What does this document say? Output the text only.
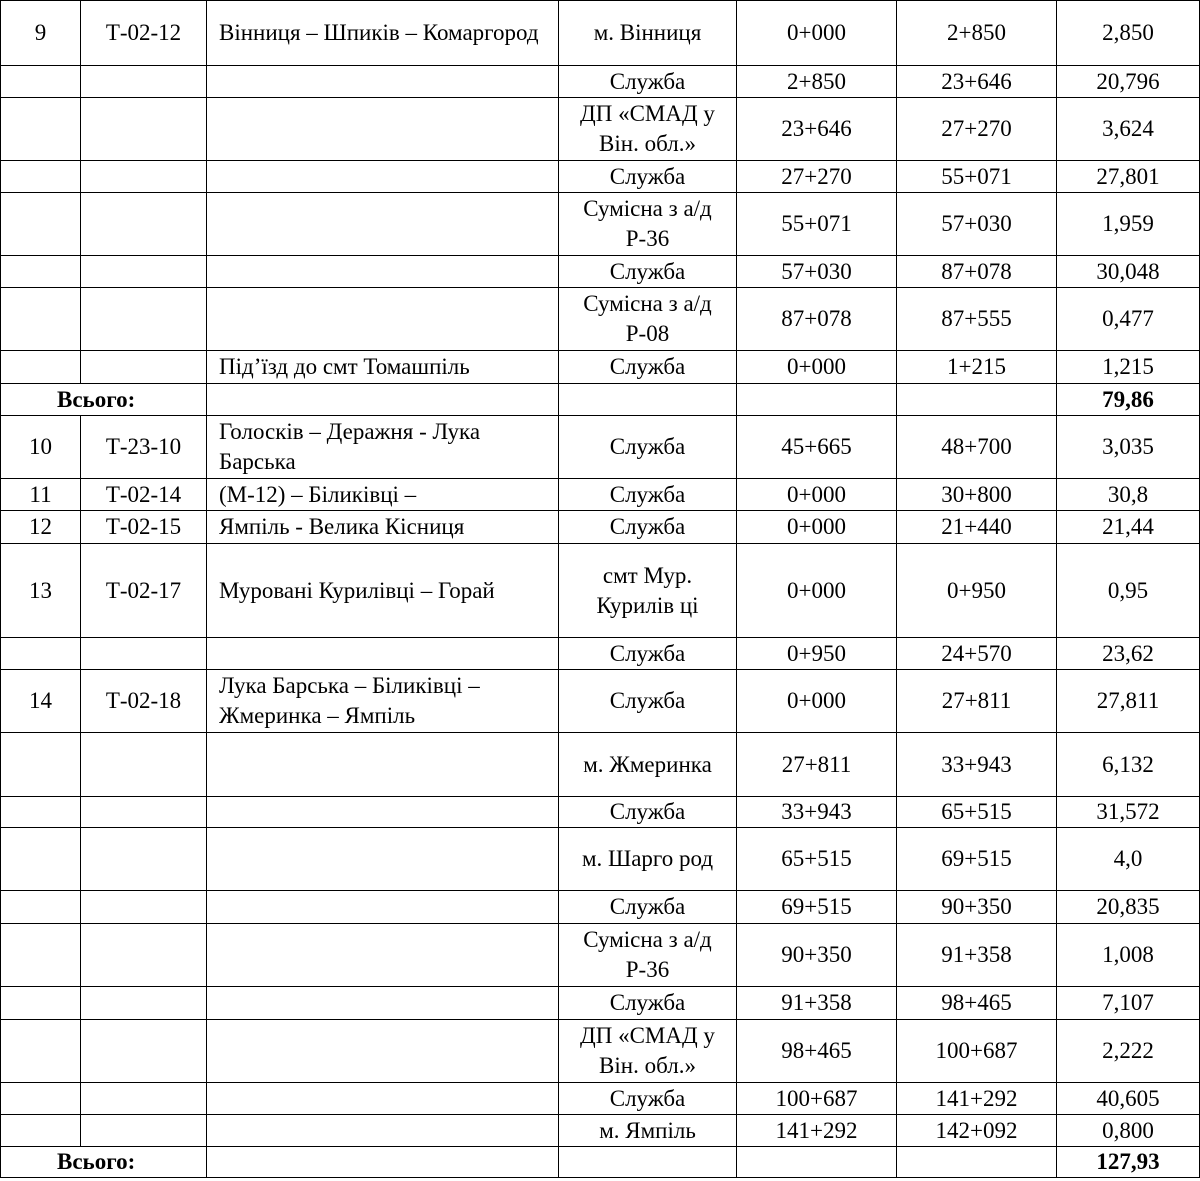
9	Т-02-12	Вінниця – Шпиків – Комаргород	м. Вінниця	0+000	2+850	2,850
			Служба	2+850	23+646	20,796
			ДП «СМАД у Він. обл.»	23+646	27+270	3,624
			Служба	27+270	55+071	27,801
			Сумісна з а/д Р-36	55+071	57+030	1,959
			Служба	57+030	87+078	30,048
			Сумісна з а/д Р-08	87+078	87+555	0,477
		Під’їзд до смт Томашпіль	Служба	0+000	1+215	1,215
Всього:						79,86
10	Т-23-10	Голосків – Деражня - Лука Барська	Служба	45+665	48+700	3,035
11	Т-02-14	(М-12) – Біликівці –	Служба	0+000	30+800	30,8
12	Т-02-15	Ямпіль - Велика Кісниця	Служба	0+000	21+440	21,44
13	Т-02-17	Мурованi Курилівці – Горай	смт Мур. Курилів ці	0+000	0+950	0,95
			Служба	0+950	24+570	23,62
14	Т-02-18	Лука Барська – Біликівці – Жмеринка – Ямпіль	Служба	0+000	27+811	27,811
			м. Жмеринка	27+811	33+943	6,132
			Служба	33+943	65+515	31,572
			м. Шарго род	65+515	69+515	4,0
			Служба	69+515	90+350	20,835
			Сумісна з а/д Р-36	90+350	91+358	1,008
			Служба	91+358	98+465	7,107
			ДП «СМАД у Він. обл.»	98+465	100+687	2,222
			Служба	100+687	141+292	40,605
			м. Ямпіль	141+292	142+092	0,800
Всього:						127,93
